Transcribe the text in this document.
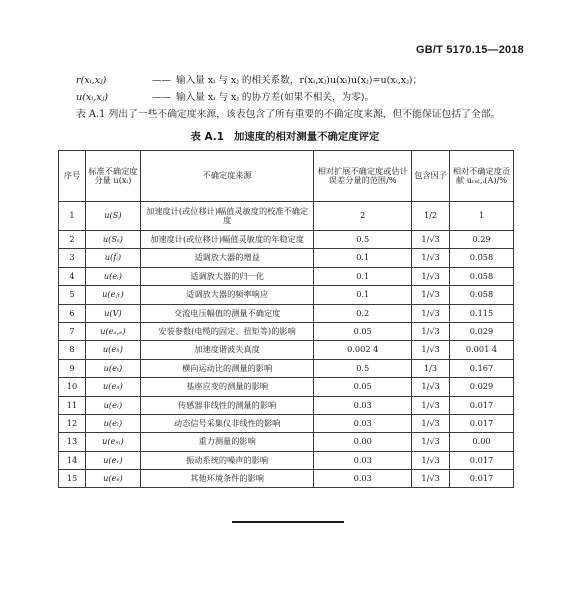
GB/T 5170.15—2018
r(xᵢ,xⱼ)	—— 输入量 xᵢ 与 xⱼ 的相关系数，r(xᵢ,xⱼ)u(xᵢ)u(xⱼ)=u(xᵢ,xⱼ)；
u(xᵢ,xⱼ)	—— 输入量 xᵢ 与 xⱼ 的协方差(如果不相关，为零)。
表 A.1 列出了一些不确定度来源，该表包含了所有重要的不确定度来源，但不能保证包括了全部。
表 A.1 加速度的相对测量不确定度评定
序号	标准不确定度分量 u(xᵢ)	不确定度来源	相对扩展不确定度或估计误差分量的范围/%	包含因子	相对不确定度贡献 uᵣₑₗ,ᵢ(A)/%
1	u(S)	加速度计(或位移计)幅值灵敏度的校准不确定度	2	1/2	1
2	u(Sₛ)	加速度计(或位移计)幅值灵敏度的年稳定度	0.5	1/√3	0.29
3	u(fᵢ)	适调放大器的增益	0.1	1/√3	0.058
4	u(eᵢ)	适调放大器的归一化	0.1	1/√3	0.058
5	u(eⱼᵣ)	适调放大器的频率响应	0.1	1/√3	0.058
6	u(V)	交流电压幅值的测量不确定度	0.2	1/√3	0.115
7	u(eₐ,ₑ)	安装参数(电缆的固定、扭矩等)的影响	0.05	1/√3	0.029
8	u(eₕ)	加速度谐波失真度	0.002 4	1/√3	0.001 4
9	u(eₜ)	横向运动比的测量的影响	0.5	1/3	0.167
10	u(eₙ)	基座应变的测量的影响	0.05	1/√3	0.029
11	u(eₗ)	传感器非线性的测量的影响	0.03	1/√3	0.017
12	u(eₗ)	动态信号采集仪非线性的影响	0.03	1/√3	0.017
13	u(eₘ)	重力测量的影响	0.00	1/√3	0.00
14	u(eᵥ)	振动系统的噪声的影响	0.03	1/√3	0.017
15	u(eₑ)	其他环境条件的影响	0.03	1/√3	0.017
